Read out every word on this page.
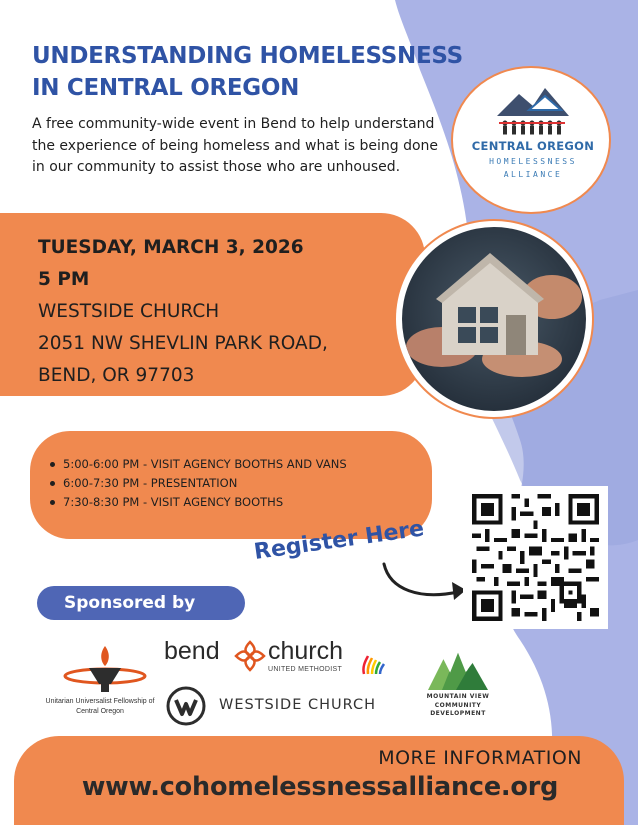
UNDERSTANDING HOMELESSNESS IN CENTRAL OREGON
A free community-wide event in Bend to help understand the experience of being homeless and what is being done in our community to assist those who are unhoused.
CENTRAL OREGON
HOMELESSNESS
ALLIANCE
TUESDAY, MARCH 3, 2026
5 PM
WESTSIDE CHURCH
2051 NW SHEVLIN PARK ROAD,
BEND, OR 97703
5:00-6:00 PM - VISIT AGENCY BOOTHS AND VANS
6:00-7:30 PM - PRESENTATION
7:30-8:30 PM - VISIT AGENCY BOOTHS
Register Here
Sponsored by
Unitarian Universalist Fellowship of Central Oregon
bend church
UNITED METHODIST
WESTSIDE CHURCH
MOUNTAIN VIEW COMMUNITY DEVELOPMENT
MORE INFORMATION
www.cohomelessnessalliance.org
